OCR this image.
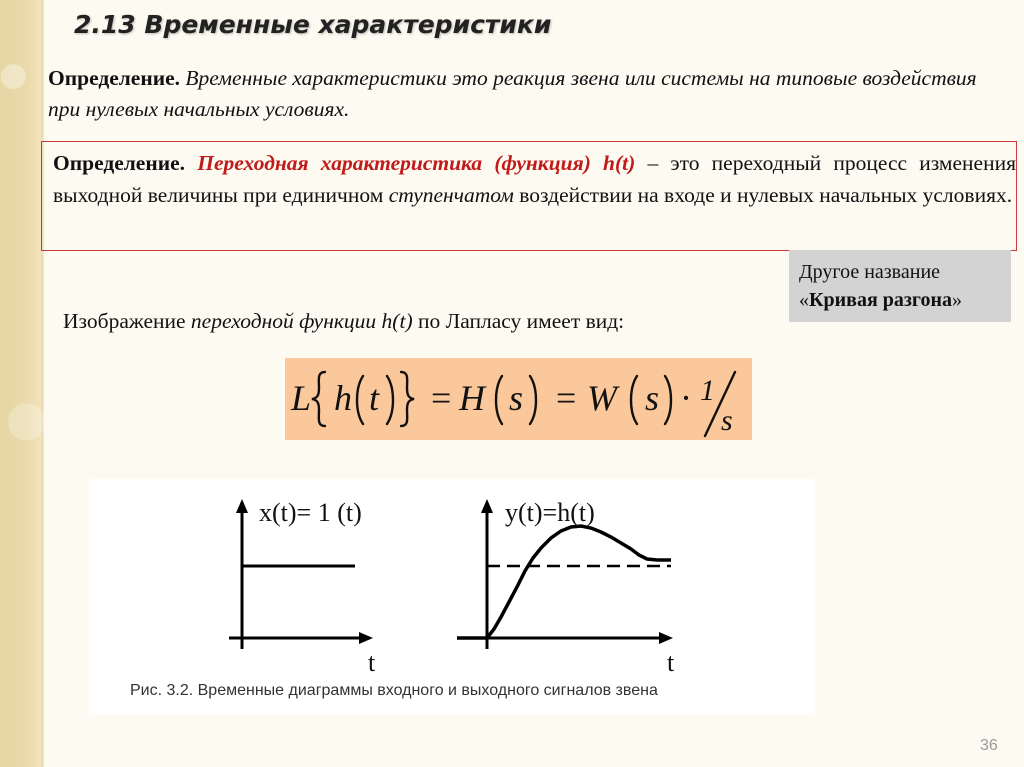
2.13 Временные характеристики
Определение. Временные характеристики это реакция звена или системы на типовые воздействия при нулевых начальных условиях.
Определение. Переходная характеристика (функция) h(t) – это переходный процесс изменения выходной величины при единичном ступенчатом воздействии на входе и нулевых начальных условиях.
Другое название
«Кривая разгона»
Изображение переходной функции h(t) по Лапласу имеет вид:
L h t H s W s 1
s
=	=	·
x(t)= 1 (t)
t
y(t)=h(t)
t
Рис. 3.2. Временные диаграммы входного и выходного сигналов звена
36
